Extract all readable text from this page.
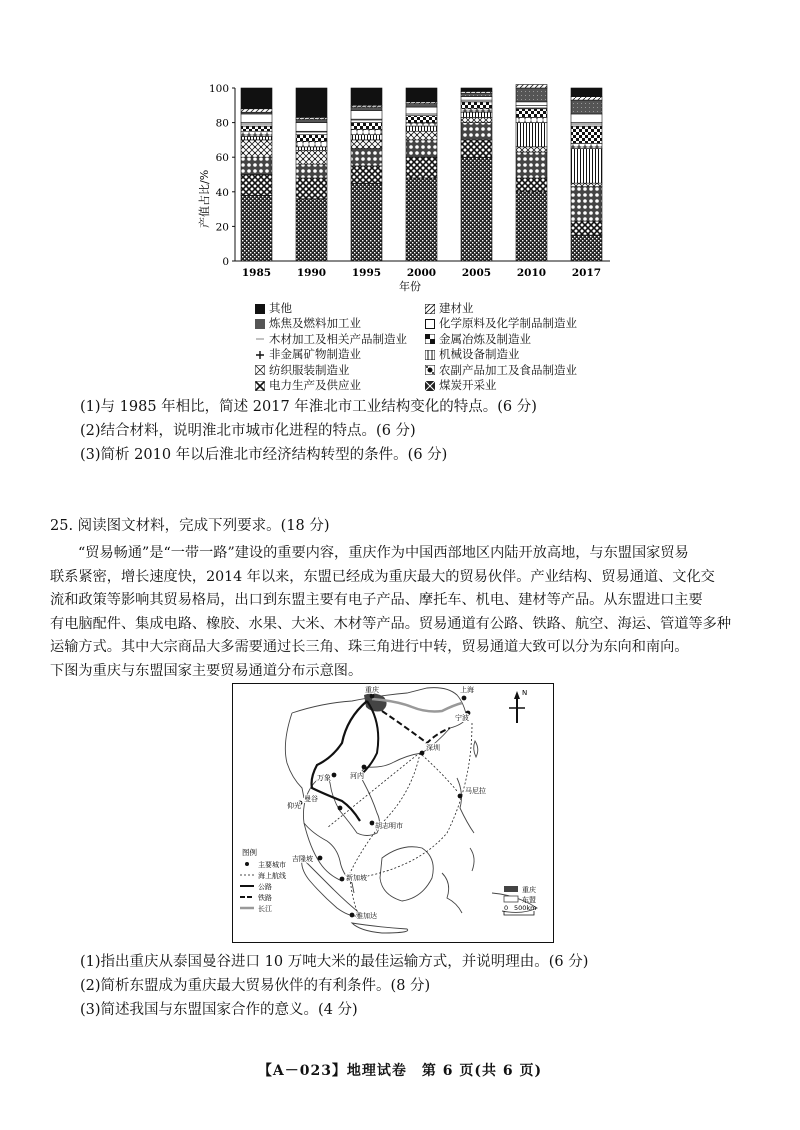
产值占比/%
0
20
40
60
80
100
1985 1990 1995 2000 2005 2010 2017
年份
其他	建材业
炼焦及燃料加工业	化学原料及化学制品制造业
木材加工及相关产品制造业	金属冶炼及制造业
非金属矿物制造业	机械设备制造业
纺织服装制造业	农副产品加工及食品制造业
电力生产及供应业	煤炭开采业
(1)与 1985 年相比，简述 2017 年淮北市工业结构变化的特点。(6 分)
(2)结合材料，说明淮北市城市化进程的特点。(6 分)
(3)简析 2010 年以后淮北市经济结构转型的条件。(6 分)
25. 阅读图文材料，完成下列要求。(18 分)
“贸易畅通”是“一带一路”建设的重要内容，重庆作为中国西部地区内陆开放高地，与东盟国家贸易
联系紧密，增长速度快，2014 年以来，东盟已经成为重庆最大的贸易伙伴。产业结构、贸易通道、文化交
流和政策等影响其贸易格局，出口到东盟主要有电子产品、摩托车、机电、建材等产品。从东盟进口主要
有电脑配件、集成电路、橡胶、水果、大米、木材等产品。贸易通道有公路、铁路、航空、海运、管道等多种
运输方式。其中大宗商品大多需要通过长三角、珠三角进行中转，贸易通道大致可以分为东向和南向。
下图为重庆与东盟国家主要贸易通道分布示意图。
重庆	上海
宁波
深圳
河内
万象
曼谷
仰光
胡志明市
马尼拉
吉隆坡
新加坡
雅加达
N
图例
主要城市
海上航线
公路
铁路
长江
重庆
东盟
0 500km
(1)指出重庆从泰国曼谷进口 10 万吨大米的最佳运输方式，并说明理由。(6 分)
(2)简析东盟成为重庆最大贸易伙伴的有利条件。(8 分)
(3)简述我国与东盟国家合作的意义。(4 分)
【A－023】地理试卷　第 6 页(共 6 页)
